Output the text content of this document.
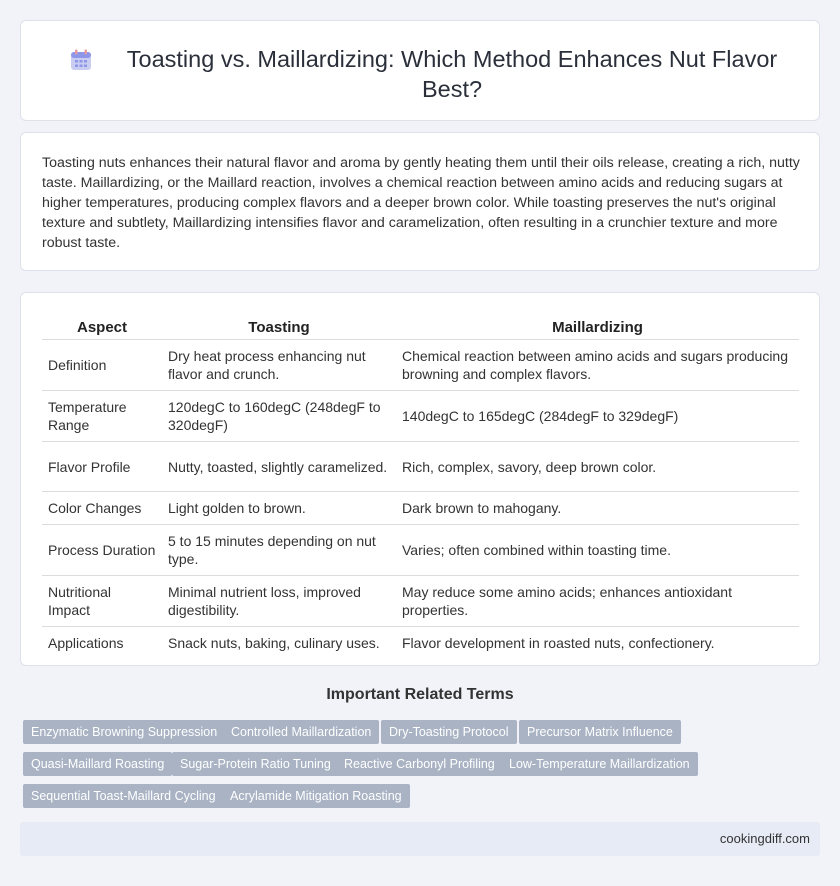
Toasting vs. Maillardizing: Which Method Enhances Nut Flavor Best?

Toasting nuts enhances their natural flavor and aroma by gently heating them until their oils release, creating a rich, nutty taste. Maillardizing, or the Maillard reaction, involves a chemical reaction between amino acids and reducing sugars at higher temperatures, producing complex flavors and a deeper brown color. While toasting preserves the nut's original texture and subtlety, Maillardizing intensifies flavor and caramelization, often resulting in a crunchier texture and more robust taste.

Aspect	Toasting	Maillardizing
Definition	Dry heat process enhancing nut flavor and crunch.	Chemical reaction between amino acids and sugars producing browning and complex flavors.
Temperature Range	120degC to 160degC (248degF to 320degF)	140degC to 165degC (284degF to 329degF)
Flavor Profile	Nutty, toasted, slightly caramelized.	Rich, complex, savory, deep brown color.
Color Changes	Light golden to brown.	Dark brown to mahogany.
Process Duration	5 to 15 minutes depending on nut type.	Varies; often combined within toasting time.
Nutritional Impact	Minimal nutrient loss, improved digestibility.	May reduce some amino acids; enhances antioxidant properties.
Applications	Snack nuts, baking, culinary uses.	Flavor development in roasted nuts, confectionery.
Important Related Terms
Enzymatic Browning Suppression	Controlled Maillardization	Dry-Toasting Protocol	Precursor Matrix Influence
Quasi-Maillard Roasting	Sugar-Protein Ratio Tuning	Reactive Carbonyl Profiling	Low-Temperature Maillardization
Sequential Toast-Maillard Cycling	Acrylamide Mitigation Roasting
cookingdiff.com
